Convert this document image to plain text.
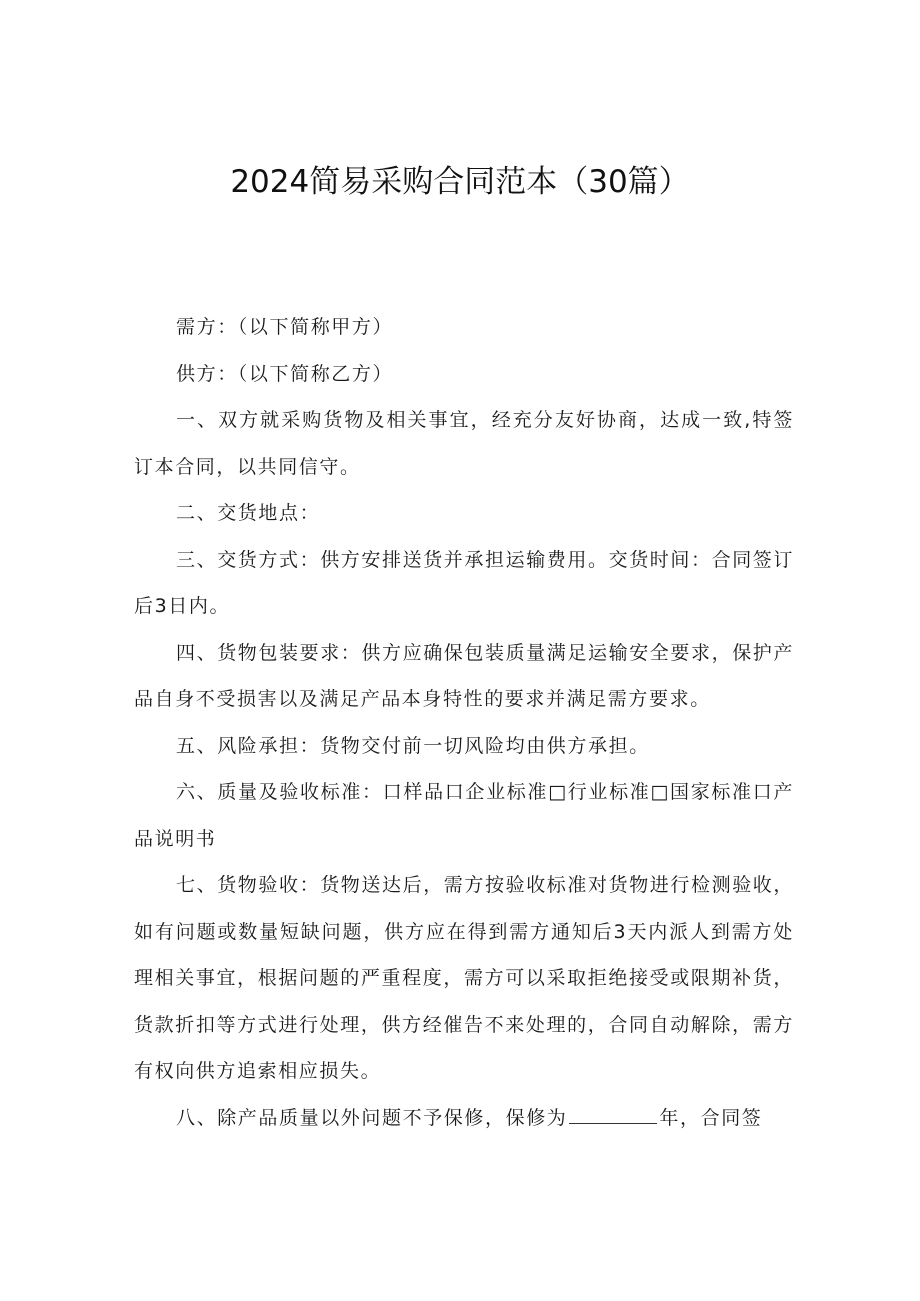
2024简易采购合同范本（30篇）

需方：（以下简称甲方）

供方：（以下简称乙方）

一、双方就采购货物及相关事宜，经充分友好协商，达成一致,特签订本合同，以共同信守。

二、交货地点：

三、交货方式：供方安排送货并承担运输费用。交货时间：合同签订后3日内。

四、货物包装要求：供方应确保包装质量满足运输安全要求，保护产品自身不受损害以及满足产品本身特性的要求并满足需方要求。

五、风险承担：货物交付前一切风险均由供方承担。

六、质量及验收标准：口样品口企业标准□行业标准□国家标准口产品说明书

七、货物验收：货物送达后，需方按验收标准对货物进行检测验收，如有问题或数量短缺问题，供方应在得到需方通知后3天内派人到需方处理相关事宜，根据问题的严重程度，需方可以采取拒绝接受或限期补货，货款折扣等方式进行处理，供方经催告不来处理的，合同自动解除，需方有权向供方追索相应损失。

八、除产品质量以外问题不予保修，保修为	年，合同签
